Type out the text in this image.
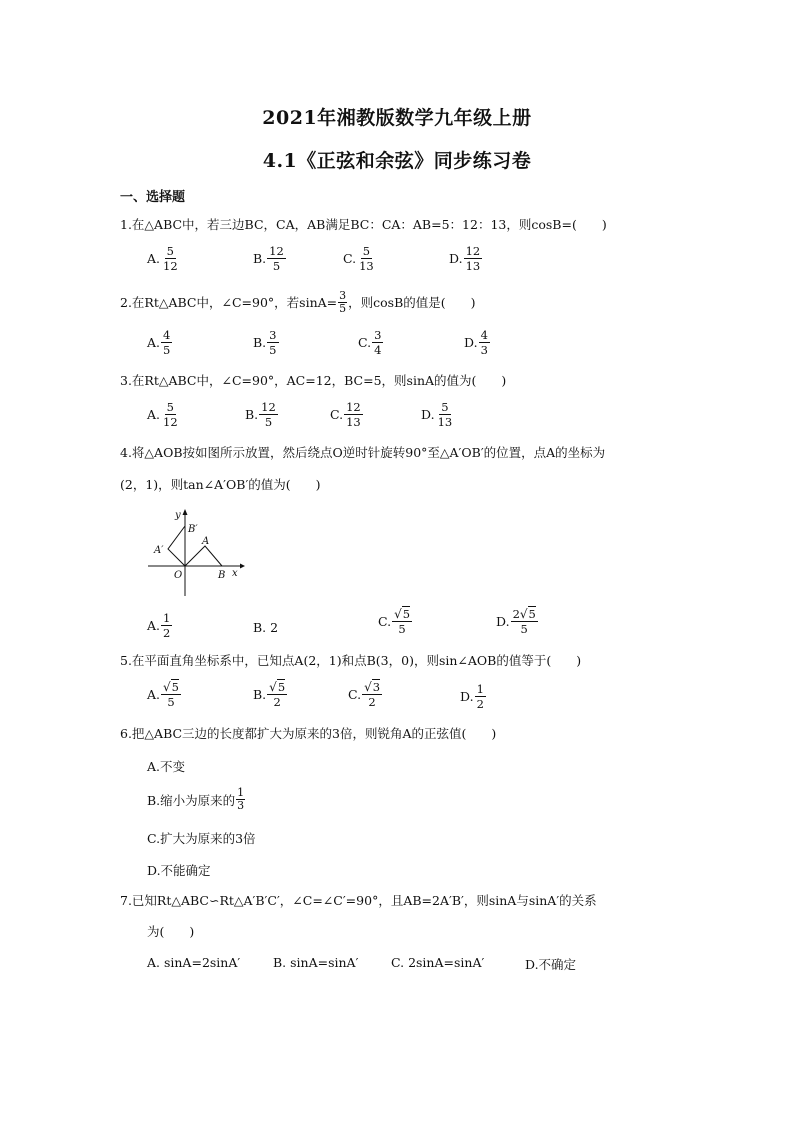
2021年湘教版数学九年级上册
4.1《正弦和余弦》同步练习卷
一、选择题
1.在△ABC中，若三边BC，CA，AB满足BC：CA：AB=5：12：13，则cosB=(　　)
A. $\frac{5}{12}$	B. $\frac{12}{5}$	C. $\frac{5}{13}$	D. $\frac{12}{13}$
2.在Rt△ABC中，∠C=90°，若$\sin A= \frac{3}{5}$ ，则cosB的值是(　　)
A. $\frac{4}{5}$	B. $\frac{3}{5}$	C. $\frac{3}{4}$	D. $\frac{4}{3}$
3.在Rt△ABC中，∠C=90°，AC=12，BC=5，则sinA的值为(　　)
A. $\frac{5}{12}$	B. $\frac{12}{5}$	C. $\frac{12}{13}$	D. $\frac{5}{13}$
4.将△AOB按如图所示放置，然后绕点O逆时针旋转90°至△A′OB′的位置，点A的坐标为
(2，1)，则tan∠A′OB′的值为(　　)
y
x
O
A
B
A′
B′
A. $\frac{1}{2}$	B. 2	C. $\frac{√5}{5}$	D. $\frac{2√5}{5}$
5.在平面直角坐标系中，已知点A(2，1)和点B(3，0)，则sin∠AOB的值等于(　　)
A. $\frac{√5}{5}$	B. $\frac{√5}{2}$	C. $\frac{√3}{2}$	D. $\frac{1}{2}$
6.把△ABC三边的长度都扩大为原来的3倍，则锐角A的正弦值(　　)
A.不变
B.缩小为原来的 $\frac{1}{3}$
C.扩大为原来的3倍
D.不能确定
7.已知Rt△ABC∽Rt△A′B′C′，∠C=∠C′=90°，且AB=2A′B′，则sinA与sinA′的关系
为(　　)
A. sinA=2sinA′	B. sinA=sinA′	C. 2sinA=sinA′	D.不确定
